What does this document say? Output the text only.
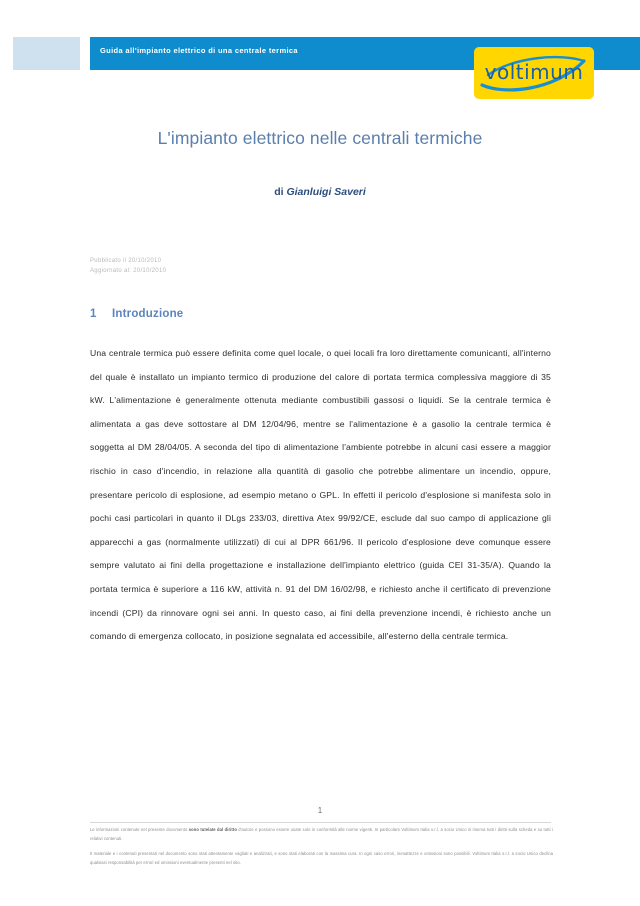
Guida all'impianto elettrico di una centrale termica
voltimum
L'impianto elettrico nelle centrali termiche
di Gianluigi Saveri
Pubblicato il 20/10/2010
Aggiornato al: 20/10/2010
1 Introduzione
Una centrale termica può essere definita come quel locale, o quei locali fra loro direttamente comunicanti, all'interno del quale è installato un impianto termico di produzione del calore di portata termica complessiva maggiore di 35 kW. L'alimentazione è generalmente ottenuta mediante combustibili gassosi o liquidi. Se la centrale termica è alimentata a gas deve sottostare al DM 12/04/96, mentre se l'alimentazione è a gasolio la centrale termica è soggetta al DM 28/04/05. A seconda del tipo di alimentazione l'ambiente potrebbe in alcuni casi essere a maggior rischio in caso d'incendio, in relazione alla quantità di gasolio che potrebbe alimentare un incendio, oppure, presentare pericolo di esplosione, ad esempio metano o GPL. In effetti il pericolo d'esplosione si manifesta solo in pochi casi particolari in quanto il DLgs 233/03, direttiva Atex 99/92/CE, esclude dal suo campo di applicazione gli apparecchi a gas (normalmente utilizzati) di cui al DPR 661/96. Il pericolo d'esplosione deve comunque essere sempre valutato ai fini della progettazione e installazione dell'impianto elettrico (guida CEI 31-35/A). Quando la portata termica è superiore a 116 kW, attività n. 91 del DM 16/02/98, e richiesto anche il certificato di prevenzione incendi (CPI) da rinnovare ogni sei anni. In questo caso, ai fini della prevenzione incendi, è richiesto anche un comando di emergenza collocato, in posizione segnalata ed accessibile, all'esterno della centrale termica.
1

Le informazioni contenute nel presente documento sono tutelate dal diritto d'autore e possono essere usate solo in conformità alle norme vigenti. In particolare Voltimum Italia s.r.l. a socio Unico si riserva tutti i diritti sulla scheda e su tutti i relativi contenuti.

Il materiale e i contenuti presentati nel documento sono stati attentamente vagliati e analizzati, e sono stati elaborati con la massima cura. In ogni caso errori, inesattezze e omissioni sono possibili. Voltimum Italia s.r.l. a socio Unico declina qualsiasi responsabilità per errori ed omissioni eventualmente presenti nel sito.
